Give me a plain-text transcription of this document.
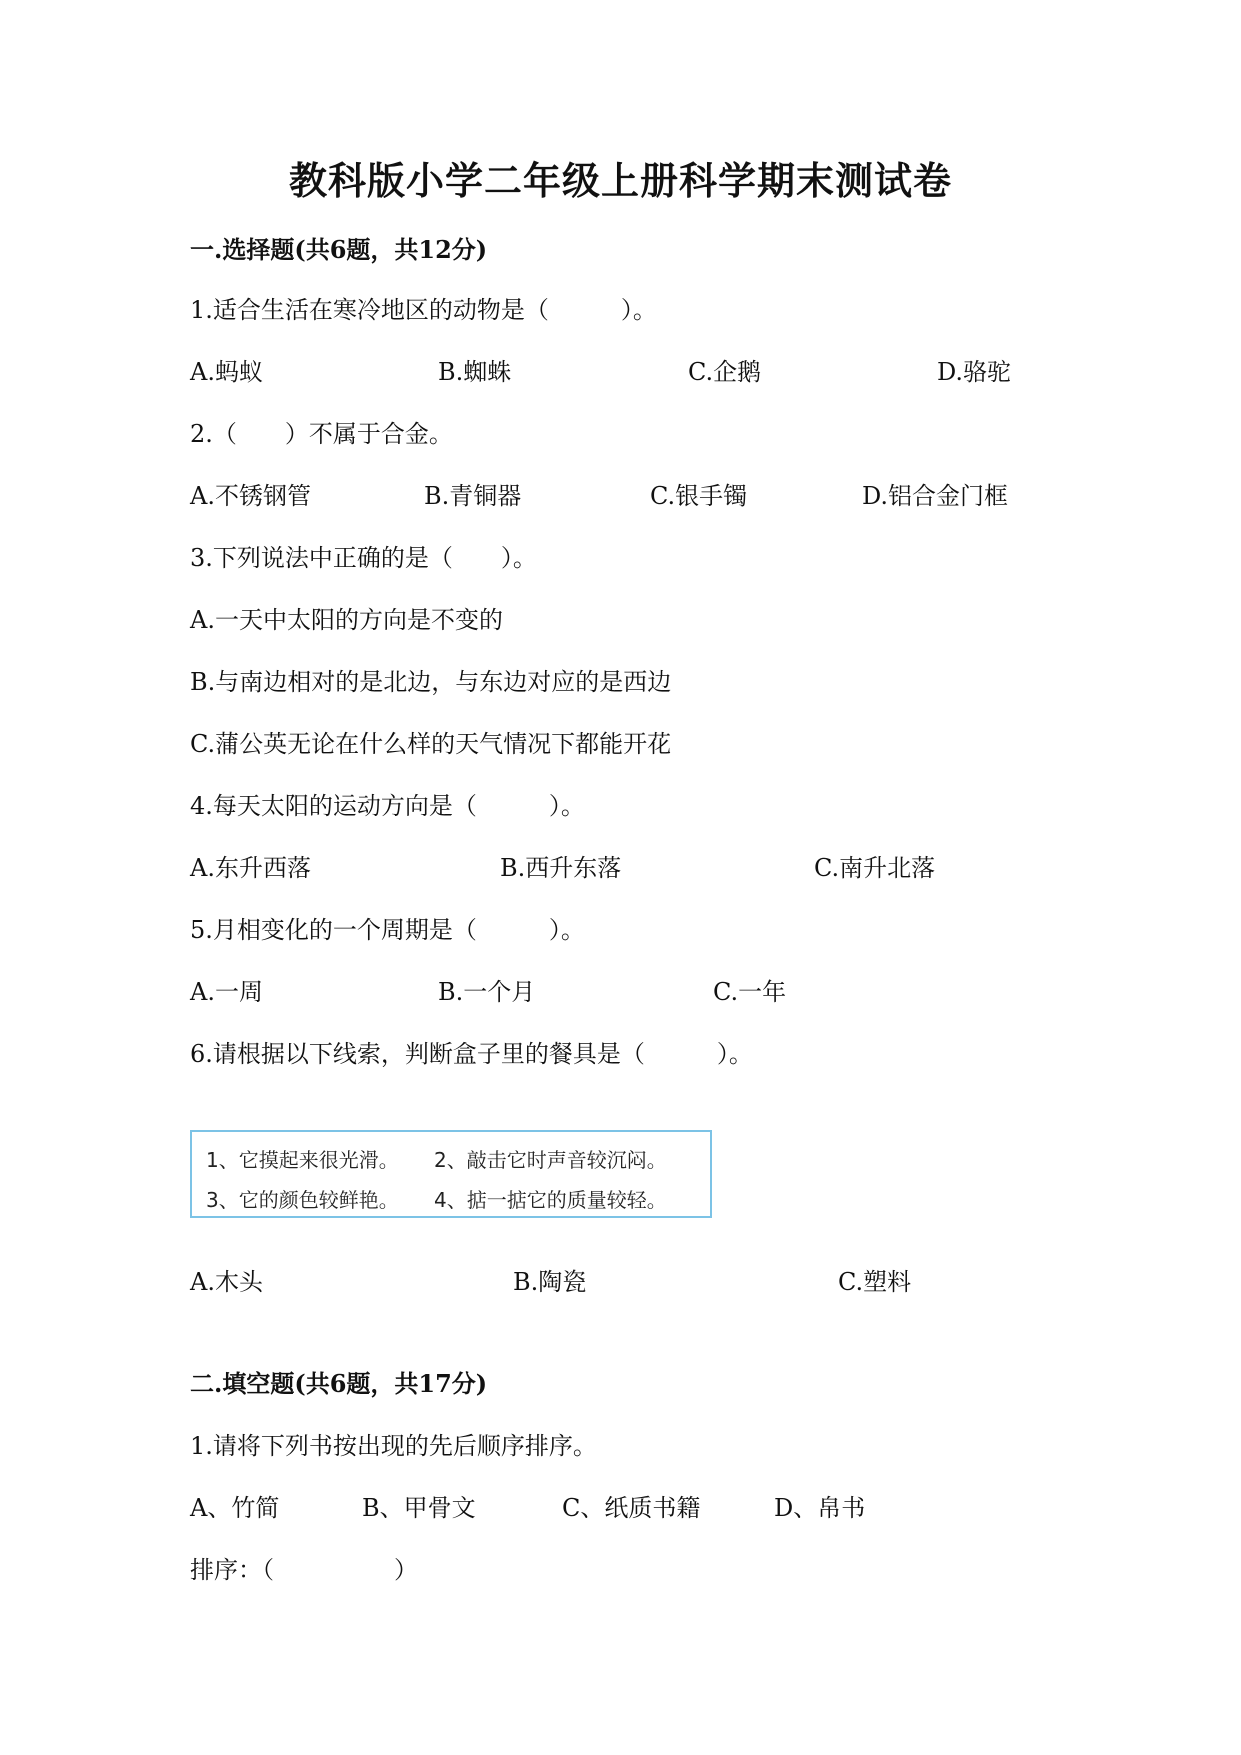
教科版小学二年级上册科学期末测试卷
一.选择题(共6题，共12分)
1.适合生活在寒冷地区的动物是（　　　）。
A.蚂蚁	B.蜘蛛	C.企鹅	D.骆驼
2.（　　）不属于合金。
A.不锈钢管	B.青铜器	C.银手镯	D.铝合金门框
3.下列说法中正确的是（　　）。
A.一天中太阳的方向是不变的
B.与南边相对的是北边，与东边对应的是西边
C.蒲公英无论在什么样的天气情况下都能开花
4.每天太阳的运动方向是（　　　）。
A.东升西落	B.西升东落	C.南升北落
5.月相变化的一个周期是（　　　）。
A.一周	B.一个月	C.一年
6.请根据以下线索，判断盒子里的餐具是（　　　）。
1、它摸起来很光滑。 2、敲击它时声音较沉闷。
3、它的颜色较鲜艳。 4、掂一掂它的质量较轻。
A.木头	B.陶瓷	C.塑料
二.填空题(共6题，共17分)
1.请将下列书按出现的先后顺序排序。
A、竹简	B、甲骨文	C、纸质书籍	D、帛书
排序：（　　　　　）
